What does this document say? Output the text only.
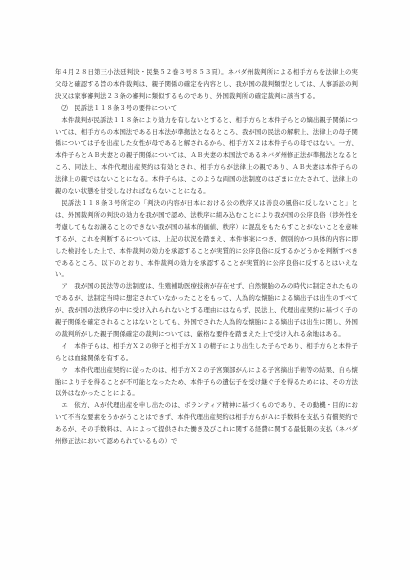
年４月２８日第三小法廷判決・民集５２巻３号８５３頁）。ネバダ州裁判所による相手方らを法律上の実父母と確認する旨の本件裁判は、親子関係の確定を内容とし、我が国の裁判類型としては、人事訴訟の判決又は家事審判法２３条の審判に類似するものであり、外国裁判所の確定裁判に該当する。

⑵　民訴法１１８条３号の要件について

本件裁判が民訴法１１８条により効力を有しないとすると、相手方らと本件子らとの嫡出親子関係については、相手方らの本国法である日本法が準拠法となるところ、我が国の民法の解釈上、法律上の母子関係については子を出産した女性が母であると解されるから、相手方Ｘ２は本件子らの母ではない。一方、本件子らとＡＢ夫妻との親子関係については、ＡＢ夫妻の本国法であるネバダ州修正法が準拠法となるところ、同法上、本件代理出産契約は有効とされ、相手方らが法律上の親であり、ＡＢ夫妻は本件子らの法律上の親ではないことになる。本件子らは、このような両国の法制度のはざまに立たされて、法律上の親のない状態を甘受しなければならないことになる。

民訴法１１８条３号所定の「判決の内容が日本における公の秩序又は善良の風俗に反しないこと」とは、外国裁判所の判決の効力を我が国で認め、法秩序に組み込むことにより我が国の公序良俗（渉外性を考慮してもなお譲ることのできない我が国の基本的価値、秩序）に混乱をもたらすことがないことを意味するが、これを判断するについては、上記の状況を踏まえ、本件事案につき、個別的かつ具体的内容に即した検討をした上で、本件裁判の効力を承認することが実質的に公序良俗に反するかどうかを判断すべきであるところ、以下のとおり、本件裁判の効力を承認することが実質的に公序良俗に反するとはいえない。

ア　我が国の民法等の法制度は、生殖補助医療技術が存在せず、自然懐胎のみの時代に制定されたものであるが、法制定当時に想定されていなかったことをもって、人為的な懐胎による嫡出子は出生のすべてが、我が国の法秩序の中に受け入れられないとする理由にはならず、民法上、代理出産契約に基づく子の親子関係を確定されることはないとしても、外国でされた人為的な懐胎による嫡出子は出生に関し、外国の裁判所がした親子関係確定の裁判については、厳格な要件を踏まえた上で受け入れる余地はある。

イ　本件子らは、相手方Ｘ２の卵子と相手方Ｘ１の精子により出生した子らであり、相手方らと本件子らとは血縁関係を有する。

ウ　本件代理出産契約に従ったのは、相手方Ｘ２の子宮頸部がんによる子宮摘出手術等の結果、自ら懐胎により子を得ることが不可能となったため、本件子らの遺伝子を受け継ぐ子を得るためには、その方法以外はなかったことによる。

エ　依方、Ａが代理出産を申し出たのは、ボランティア精神に基づくものであり、その動機・目的において不当な要素をうかがうことはできず、本件代理出産契約は相手方らがＡに手数料を支払う有償契約であるが、その手数料は、Ａによって提供された働き及びこれに関する経費に関する最低限の支払（ネバダ州修正法において認められているもの）で
